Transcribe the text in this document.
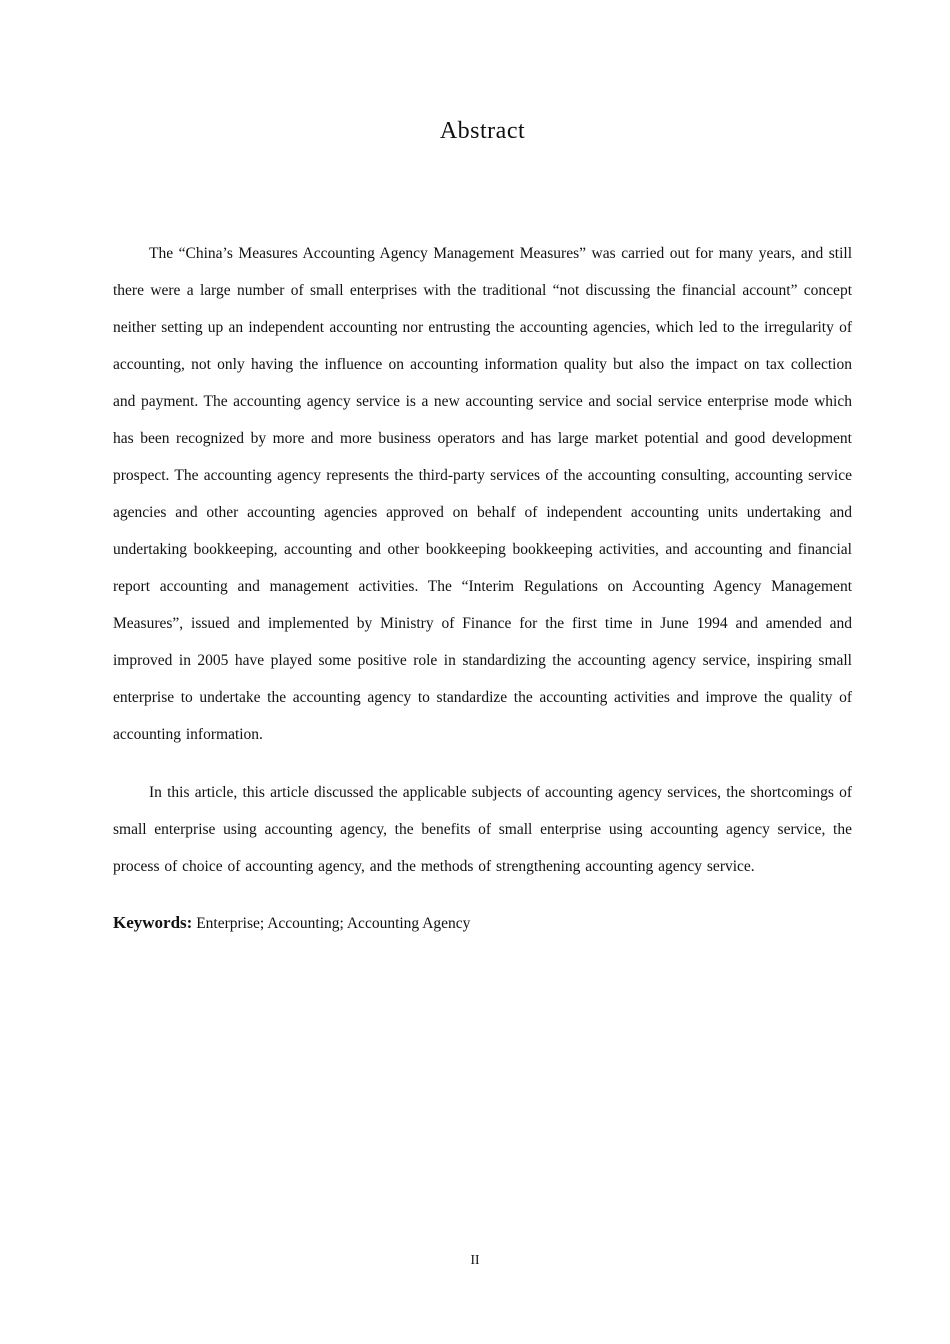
Abstract

The “China’s Measures Accounting Agency Management Measures” was carried out for many years, and still there were a large number of small enterprises with the traditional “not discussing the financial account” concept neither setting up an independent accounting nor entrusting the accounting agencies, which led to the irregularity of accounting, not only having the influence on accounting information quality but also the impact on tax collection and payment. The accounting agency service is a new accounting service and social service enterprise mode which has been recognized by more and more business operators and has large market potential and good development prospect. The accounting agency represents the third-party services of the accounting consulting, accounting service agencies and other accounting agencies approved on behalf of independent accounting units undertaking and undertaking bookkeeping, accounting and other bookkeeping bookkeeping activities, and accounting and financial report accounting and management activities. The “Interim Regulations on Accounting Agency Management Measures”, issued and implemented by Ministry of Finance for the first time in June 1994 and amended and improved in 2005 have played some positive role in standardizing the accounting agency service, inspiring small enterprise to undertake the accounting agency to standardize the accounting activities and improve the quality of accounting information.

In this article, this article discussed the applicable subjects of accounting agency services, the shortcomings of small enterprise using accounting agency, the benefits of small enterprise using accounting agency service, the process of choice of accounting agency, and the methods of strengthening accounting agency service.

Keywords: Enterprise; Accounting; Accounting Agency

II
